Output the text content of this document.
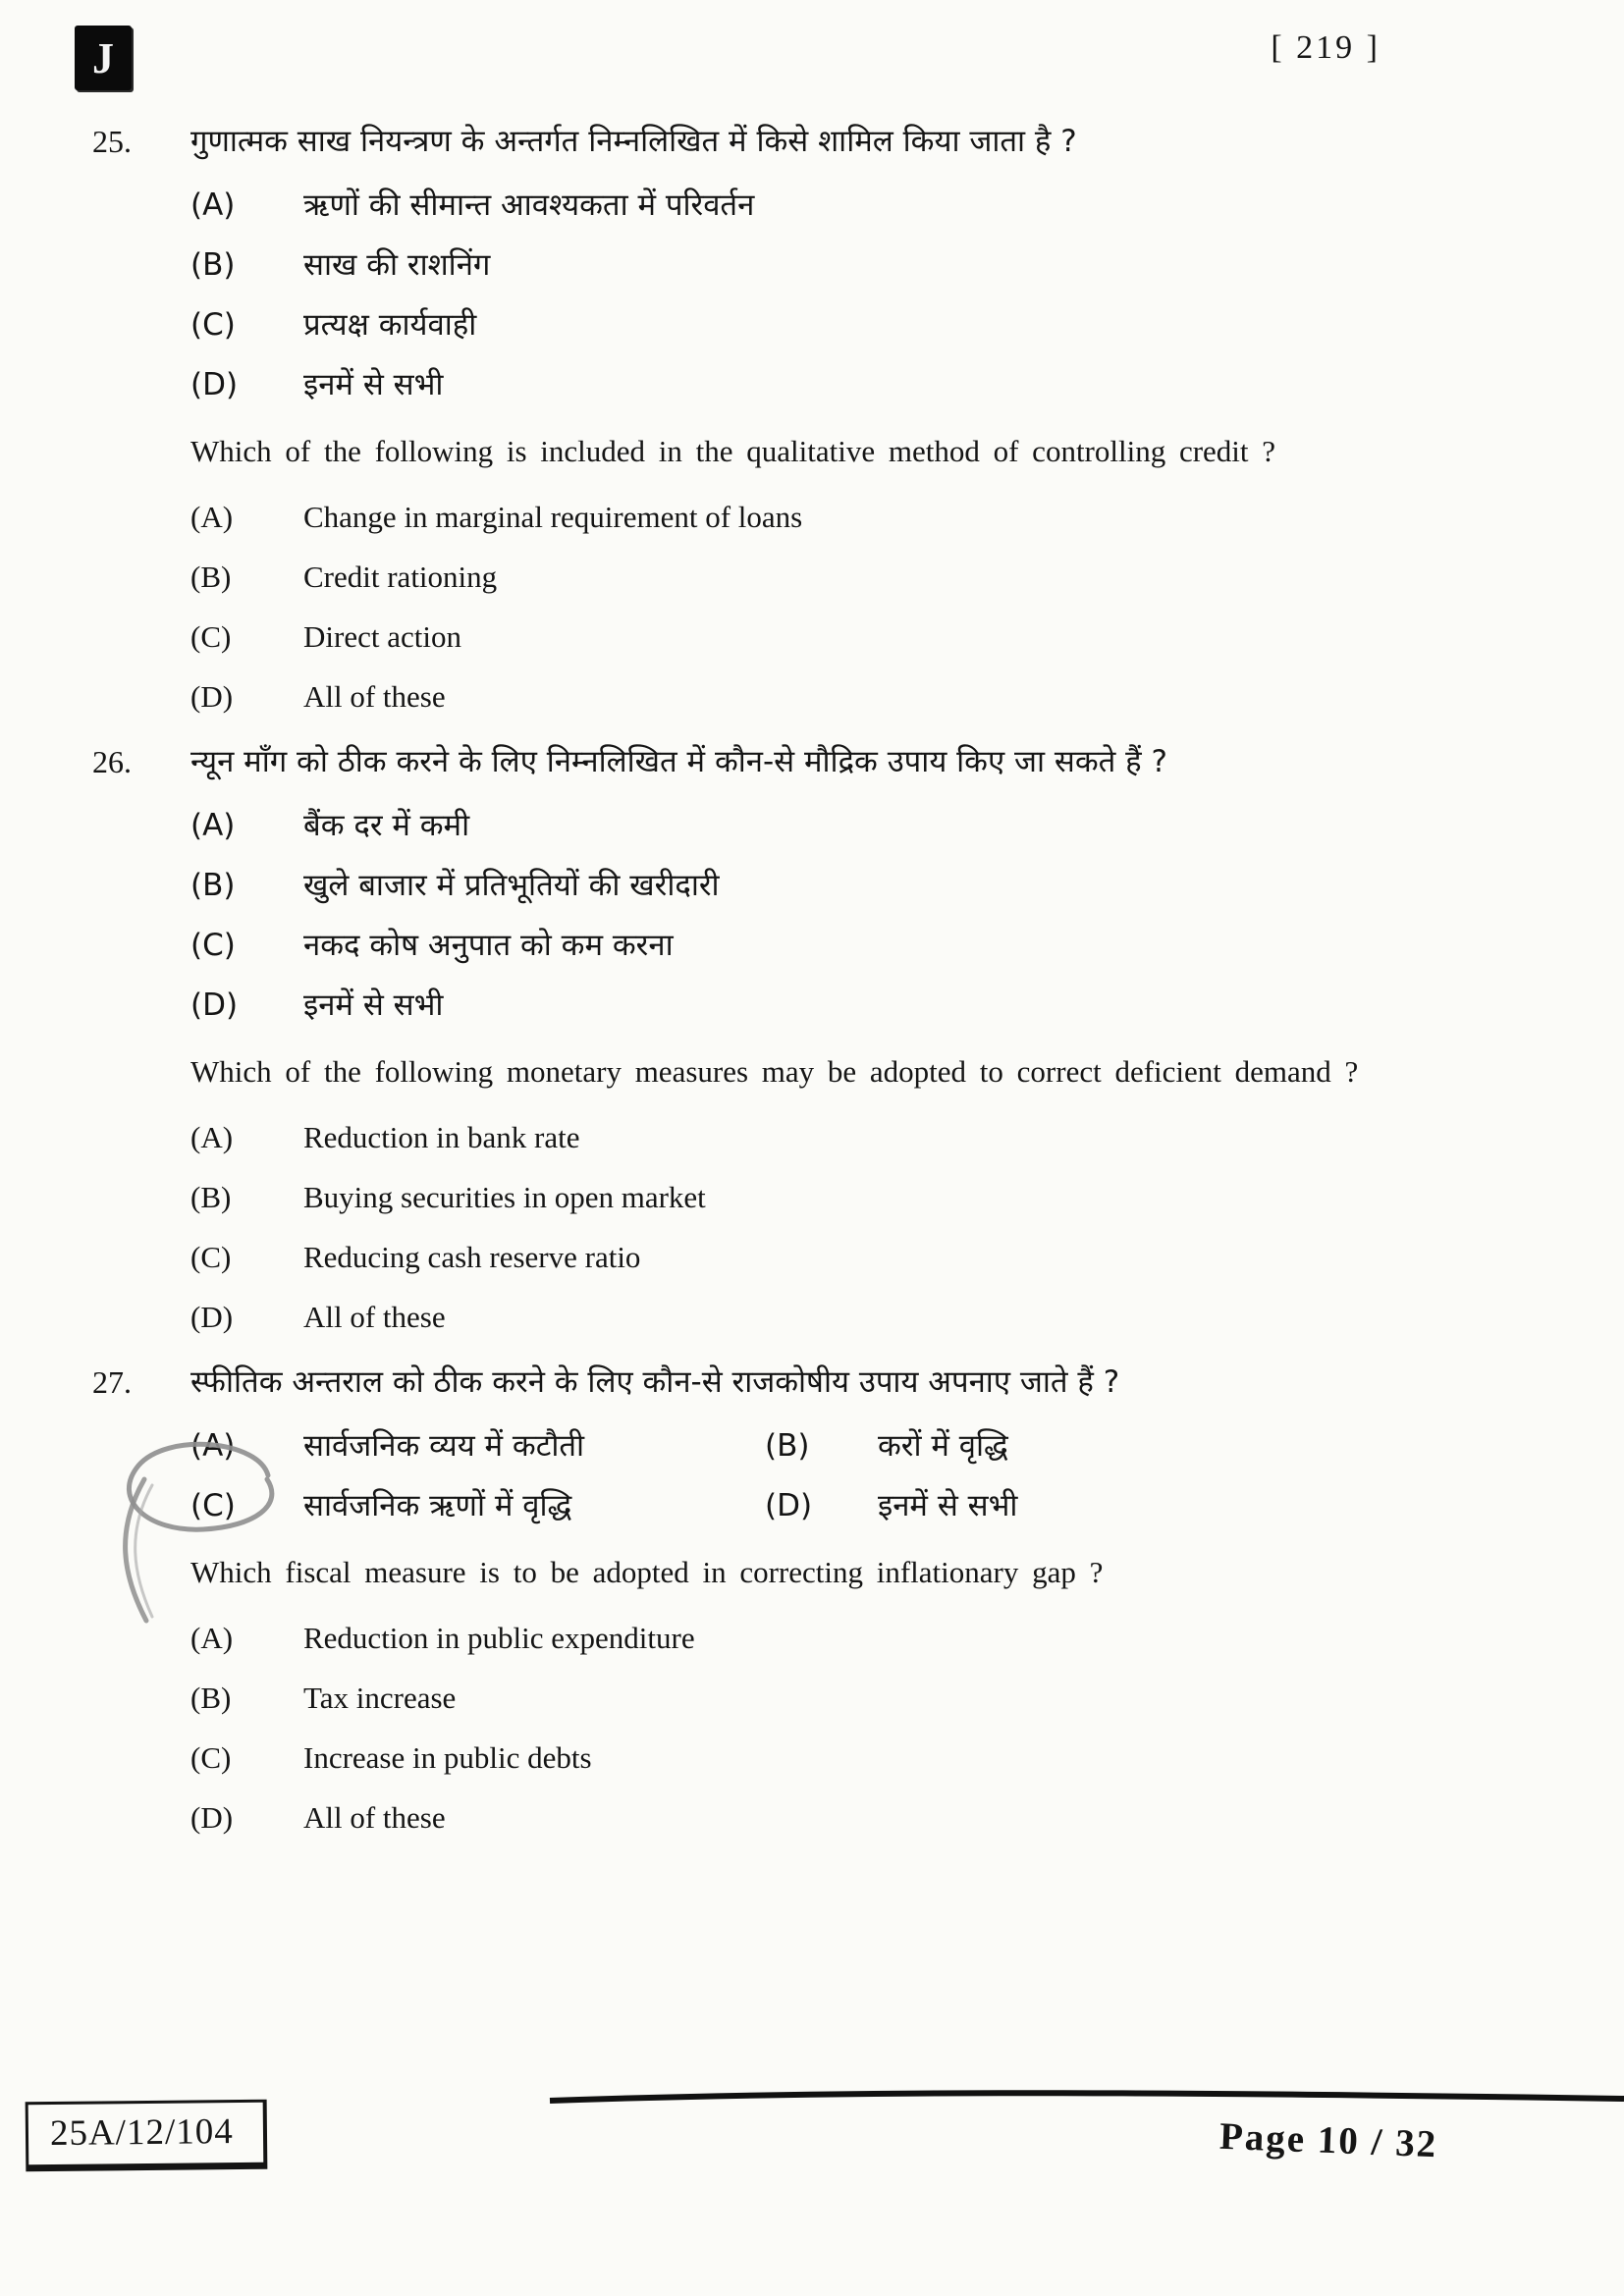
J	[ 219 ]
25.	गुणात्मक साख नियन्त्रण के अन्तर्गत निम्नलिखित में किसे शामिल किया जाता है ?
(A)	ऋणों की सीमान्त आवश्यकता में परिवर्तन
(B)	साख की राशनिंग
(C)	प्रत्यक्ष कार्यवाही
(D)	इनमें से सभी
Which of the following is included in the qualitative method of controlling credit ?
(A)	Change in marginal requirement of loans
(B)	Credit rationing
(C)	Direct action
(D)	All of these
26.	न्यून माँग को ठीक करने के लिए निम्नलिखित में कौन-से मौद्रिक उपाय किए जा सकते हैं ?
(A)	बैंक दर में कमी
(B)	खुले बाजार में प्रतिभूतियों की खरीदारी
(C)	नकद कोष अनुपात को कम करना
(D)	इनमें से सभी
Which of the following monetary measures may be adopted to correct deficient demand ?
(A)	Reduction in bank rate
(B)	Buying securities in open market
(C)	Reducing cash reserve ratio
(D)	All of these
27.	स्फीतिक अन्तराल को ठीक करने के लिए कौन-से राजकोषीय उपाय अपनाए जाते हैं ?
(A)	सार्वजनिक व्यय में कटौती	(B)	करों में वृद्धि
(C)	सार्वजनिक ऋणों में वृद्धि	(D)	इनमें से सभी
Which fiscal measure is to be adopted in correcting inflationary gap ?
(A)	Reduction in public expenditure
(B)	Tax increase
(C)	Increase in public debts
(D)	All of these
25A/12/104	Page 10 / 32
